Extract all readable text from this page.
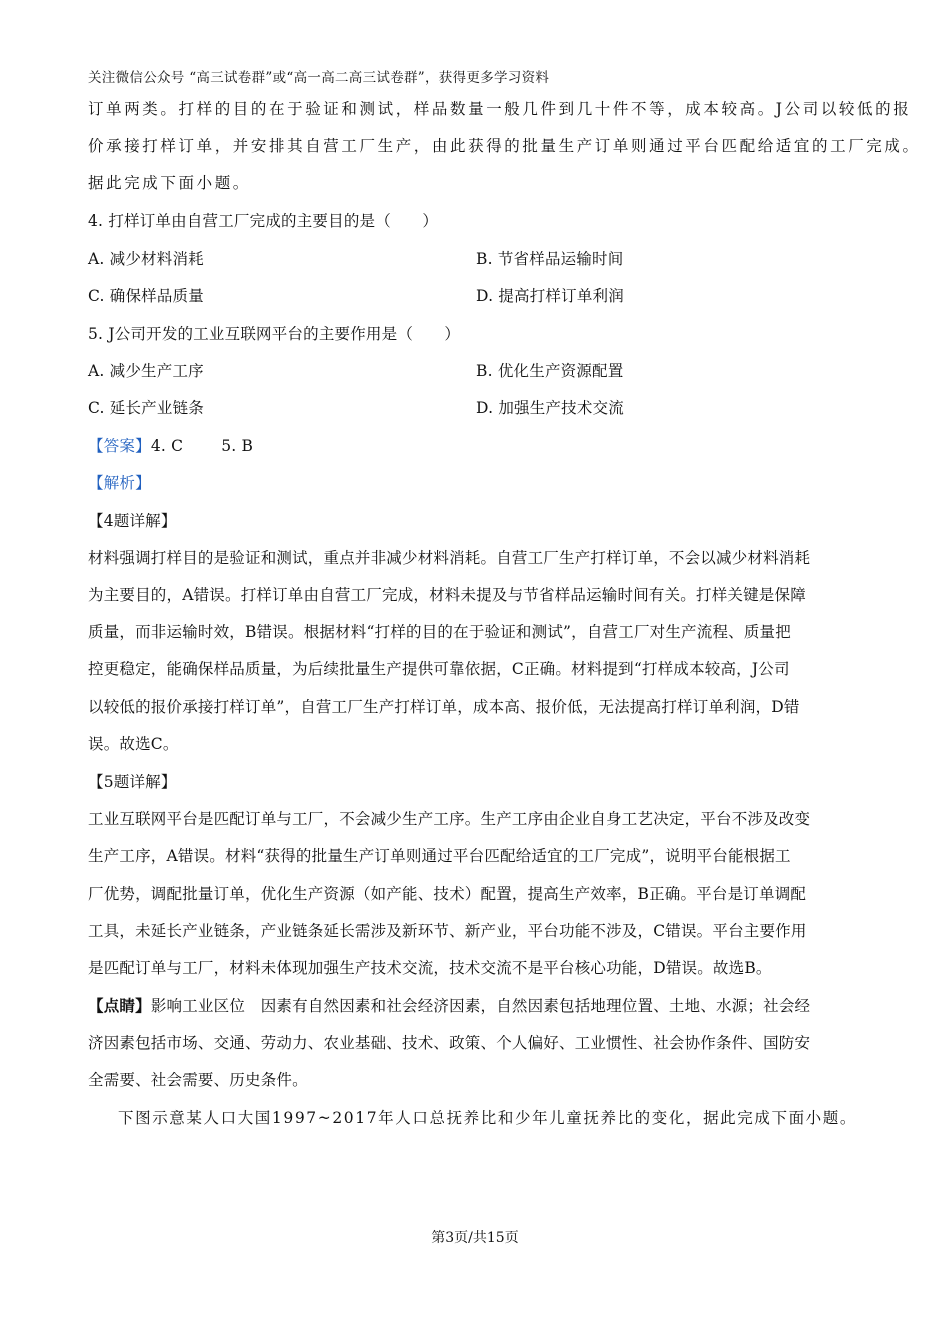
关注微信公众号 “高三试卷群”或“高一高二高三试卷群”，获得更多学习资料
订单两类。打样的目的在于验证和测试，样品数量一般几件到几十件不等，成本较高。J公司以较低的报
价承接打样订单，并安排其自营工厂生产，由此获得的批量生产订单则通过平台匹配给适宜的工厂完成。
据此完成下面小题。
4. 打样订单由自营工厂完成的主要目的是（　　）
A. 减少材料消耗	B. 节省样品运输时间
C. 确保样品质量	D. 提高打样订单利润
5. J公司开发的工业互联网平台的主要作用是（　　）
A. 减少生产工序	B. 优化生产资源配置
C. 延长产业链条	D. 加强生产技术交流
【答案】4. C 5. B
【解析】
【4题详解】
材料强调打样目的是验证和测试，重点并非减少材料消耗。自营工厂生产打样订单，不会以减少材料消耗
为主要目的，A错误。打样订单由自营工厂完成，材料未提及与节省样品运输时间有关。打样关键是保障
质量，而非运输时效，B错误。根据材料“打样的目的在于验证和测试”，自营工厂对生产流程、质量把
控更稳定，能确保样品质量，为后续批量生产提供可靠依据，C正确。材料提到“打样成本较高，J公司
以较低的报价承接打样订单”，自营工厂生产打样订单，成本高、报价低，无法提高打样订单利润，D错
误。故选C。
【5题详解】
工业互联网平台是匹配订单与工厂，不会减少生产工序。生产工序由企业自身工艺决定，平台不涉及改变
生产工序，A错误。材料“获得的批量生产订单则通过平台匹配给适宜的工厂完成”，说明平台能根据工
厂优势，调配批量订单，优化生产资源（如产能、技术）配置，提高生产效率，B正确。平台是订单调配
工具，未延长产业链条，产业链条延长需涉及新环节、新产业，平台功能不涉及，C错误。平台主要作用
是匹配订单与工厂，材料未体现加强生产技术交流，技术交流不是平台核心功能，D错误。故选B。
【点睛】影响工业区位　因素有自然因素和社会经济因素，自然因素包括地理位置、土地、水源；社会经
济因素包括市场、交通、劳动力、农业基础、技术、政策、个人偏好、工业惯性、社会协作条件、国防安
全需要、社会需要、历史条件。
下图示意某人口大国1997~2017年人口总抚养比和少年儿童抚养比的变化，据此完成下面小题。
第3页/共15页
